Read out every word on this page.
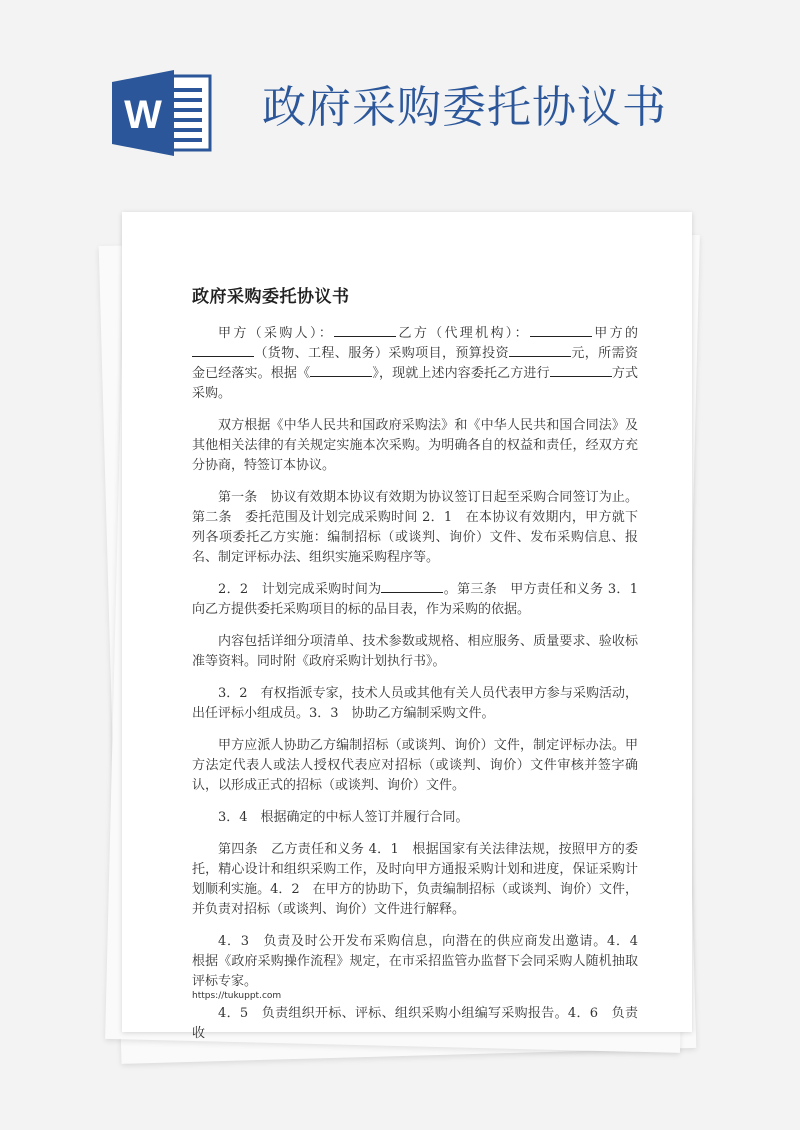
W 政府采购委托协议书
政府采购委托协议书

甲方（采购人）：	乙方（代理机构）：	甲方的（货物、工程、服务）采购项目，预算投资	元，所需资金已经落实。根据《	》，现就上述内容委托乙方进行	方式采购。

双方根据《中华人民共和国政府采购法》和《中华人民共和国合同法》及其他相关法律的有关规定实施本次采购。为明确各自的权益和责任，经双方充分协商，特签订本协议。

第一条　协议有效期本协议有效期为协议签订日起至采购合同签订为止。第二条　委托范围及计划完成采购时间 2．1　在本协议有效期内，甲方就下列各项委托乙方实施：编制招标（或谈判、询价）文件、发布采购信息、报名、制定评标办法、组织实施采购程序等。

2．2　计划完成采购时间为	。第三条　甲方责任和义务 3．1　向乙方提供委托采购项目的标的品目表，作为采购的依据。

内容包括详细分项清单、技术参数或规格、相应服务、质量要求、验收标准等资料。同时附《政府采购计划执行书》。

3．2　有权指派专家，技术人员或其他有关人员代表甲方参与采购活动，出任评标小组成员。3．3　协助乙方编制采购文件。

甲方应派人协助乙方编制招标（或谈判、询价）文件，制定评标办法。甲方法定代表人或法人授权代表应对招标（或谈判、询价）文件审核并签字确认，以形成正式的招标（或谈判、询价）文件。

3．4　根据确定的中标人签订并履行合同。

第四条　乙方责任和义务 4．1　根据国家有关法律法规，按照甲方的委托，精心设计和组织采购工作，及时向甲方通报采购计划和进度，保证采购计划顺利实施。4．2　在甲方的协助下，负责编制招标（或谈判、询价）文件，并负责对招标（或谈判、询价）文件进行解释。

4．3　负责及时公开发布采购信息，向潜在的供应商发出邀请。4．4　根据《政府采购操作流程》规定，在市采招监管办监督下会同采购人随机抽取评标专家。

4．5　负责组织开标、评标、组织采购小组编写采购报告。4．6　负责收

https://tukuppt.com
